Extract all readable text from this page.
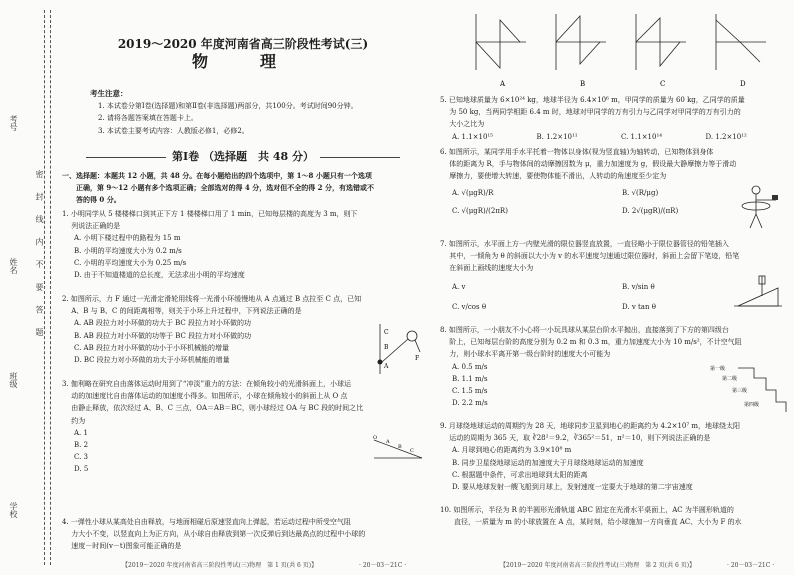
密 封 线 内 不 要 答 题
考号
姓名
班级
学校
2019～2020 年度河南省高三阶段性考试(三)
物　理
考生注意：
1. 本试卷分第Ⅰ卷(选择题)和第Ⅱ卷(非选择题)两部分，共100分。考试时间90分钟。
2. 请将各题答案填在答题卡上。
3. 本试卷主要考试内容：人教版必修1，必修2。
第Ⅰ卷 （选择题　共 48 分）
一、选择题：本题共 12 小题，共 48 分。在每小题给出的四个选项中，第 1～8 小题只有一个选项
　　正确，第 9～12 小题有多个选项正确；全部选对的得 4 分，选对但不全的得 2 分，有选错或不
　　答的得 0 分。
1. 小明同学从 5 楼楼梯口到其正下方 1 楼楼梯口用了 1 min，已知每层楼的高度为 3 m，则下
　 列说法正确的是
A. 小明下楼过程中的路程为 15 m
B. 小明的平均速度大小为 0.2 m/s
C. 小明的平均速度大小为 0.25 m/s
D. 由于不知道楼道的总长度，无法求出小明的平均速度
2. 如图所示，力 F 通过一光滑定滑轮用线将一光滑小环缓慢地从 A 点通过 B 点拉至 C 点，已知
　 A、B 与 B、C 的间距离相等，则关于小环上升过程中，下列说法正确的是
A. AB 段拉力对小环做的功大于 BC 段拉力对小环做的功
B. AB 段拉力对小环做的功等于 BC 段拉力对小环做的功
C. AB 段拉力对小环做的功小于小环机械能的增量
D. BC 段拉力对小环做的功大于小环机械能的增量
C
B
A
F
3. 伽利略在研究自由落体运动时用到了“冲淡”重力的方法：在倾角较小的光滑斜面上，小球运
　 动的加速度比自由落体运动的加速度小得多。如图所示，小球在倾角较小的斜面上从 O 点
　 由静止释放，依次经过 A、B、C 三点，OA＝AB＝BC，则小球经过 OA 与 BC 段的时间之比
　 约为
A. 1
B. 2
C. 3
D. 5
O
A
B
C
4. 一弹性小球从某高处自由释放，与地面相碰后原速竖直向上弹起，若运动过程中所受空气阻
　 力大小不变，以竖直向上为正方向，从小球自由释放到第一次反弹后到达最高点的过程中小球的
　 速度－时间(v－t)图象可能正确的是
【2019～2020 年度河南省高三阶段性考试(三)物理　第 1 页(共 6 页)】	· 20－03－21C ·
A	B	C	D
5. 已知地球质量为 6×10²⁴ kg，地球半径为 6.4×10⁶ m，甲同学的质量为 60 kg，乙同学的质量
　 为 50 kg，当两同学相距 6.4 m 时，地球对甲同学的万有引力与乙同学对甲同学的万有引力的
　 大小之比为
A. 1.1×10¹⁵	B. 1.2×10¹¹	C. 1.1×10¹⁴	D. 1.2×10¹²
6. 如图所示，某同学用手水平托着一物体以身体(视为竖直轴)为轴转动，已知物体到身体
　 体的距离为 R，手与物体间的动摩擦因数为 μ，重力加速度为 g，假设最大静摩擦力等于滑动
　 摩擦力，要使增大转速，要使物体能不滑出，人转动的角速度至少定为
A. √(μgR)/R	B. √(R/μg)
C. √(μgR)/(2πR)	D. 2√(μgR)/(πR)
7. 如图所示，水平面上方一内壁光滑的限位器竖直放置，一直径略小于限位器管径的铅笔插入
　 其中，一倾角为 θ 的斜面以大小为 v 的水平速度匀速通过限位器时，斜面上会留下笔迹，铅笔
　 在斜面上画线的速度大小为
A. v	B. v/sin θ
C. v/cos θ	D. v tan θ
8. 如图所示，一小朋友不小心将一小玩具球从某层台阶水平抛出，直接落到了下方的第四级台
　 阶上，已知每层台阶的高度分别为 0.2 m 和 0.3 m，重力加速度大小为 10 m/s²，不计空气阻
　 力，则小球水平离开第一级台阶时的速度大小可能为
A. 0.5 m/s
B. 1.1 m/s
C. 1.5 m/s
D. 2.2 m/s
第一级
第二级
第三级
第四级
9. 月球绕地球运动的周期约为 28 天，地球同步卫星到地心的距离约为 4.2×10⁷ m，地球绕太阳
　 运动的周期为 365 天，取 ∛28²＝9.2，∛365²＝51，π²＝10，则下列说法正确的是
A. 月球到地心的距离约为 3.9×10⁸ m
B. 同步卫星绕地球运动的加速度大于月球绕地球运动的加速度
C. 根据题中条件，可求出地球到太阳的距离
D. 要从地球发射一艘飞船到月球上，发射速度一定要大于地球的第二宇宙速度
10. 如图所示，半径为 R 的半圆形光滑轨道 ABC 固定在光滑水平桌面上，AC 为半圆形轨道的
　　直径，一质量为 m 的小球放置在 A 点，某时刻，给小球施加一方向垂直 AC、大小为 F 的水
【2019～2020 年度河南省高三阶段性考试(三)物理　第 2 页(共 6 页)】	· 20－03－21C ·
